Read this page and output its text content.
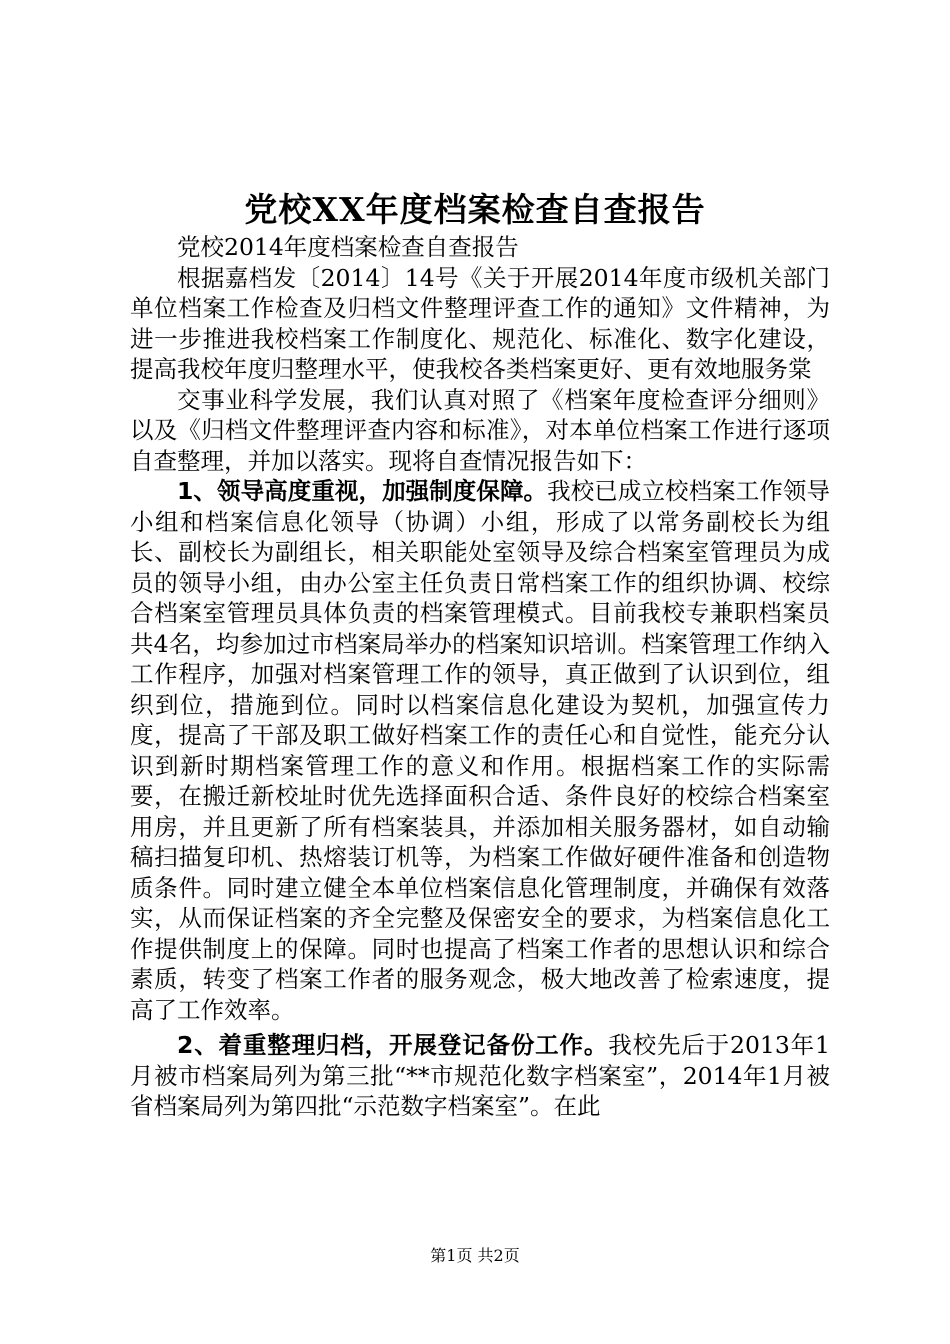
党校XX年度档案检查自查报告

党校2014年度档案检查自查报告

根据嘉档发〔2014〕14号《关于开展2014年度市级机关部门单位档案工作检查及归档文件整理评查工作的通知》文件精神，为进一步推进我校档案工作制度化、规范化、标准化、数字化建设，提高我校年度归整理水平，使我校各类档案更好、更有效地服务棠

交事业科学发展，我们认真对照了《档案年度检查评分细则》以及《归档文件整理评查内容和标准》，对本单位档案工作进行逐项自查整理，并加以落实。现将自查情况报告如下：

1、领导高度重视，加强制度保障。我校已成立校档案工作领导小组和档案信息化领导（协调）小组，形成了以常务副校长为组长、副校长为副组长，相关职能处室领导及综合档案室管理员为成员的领导小组，由办公室主任负责日常档案工作的组织协调、校综合档案室管理员具体负责的档案管理模式。目前我校专兼职档案员共4名，均参加过市档案局举办的档案知识培训。档案管理工作纳入工作程序，加强对档案管理工作的领导，真正做到了认识到位，组织到位，措施到位。同时以档案信息化建设为契机，加强宣传力度，提高了干部及职工做好档案工作的责任心和自觉性，能充分认识到新时期档案管理工作的意义和作用。根据档案工作的实际需要，在搬迁新校址时优先选择面积合适、条件良好的校综合档案室用房，并且更新了所有档案装具，并添加相关服务器材，如自动输稿扫描复印机、热熔装订机等，为档案工作做好硬件准备和创造物质条件。同时建立健全本单位档案信息化管理制度，并确保有效落实，从而保证档案的齐全完整及保密安全的要求，为档案信息化工作提供制度上的保障。同时也提高了档案工作者的思想认识和综合素质，转变了档案工作者的服务观念，极大地改善了检索速度，提高了工作效率。

2、着重整理归档，开展登记备份工作。我校先后于2013年1月被市档案局列为第三批“**市规范化数字档案室”，2014年1月被省档案局列为第四批“示范数字档案室”。在此

第1页 共2页
